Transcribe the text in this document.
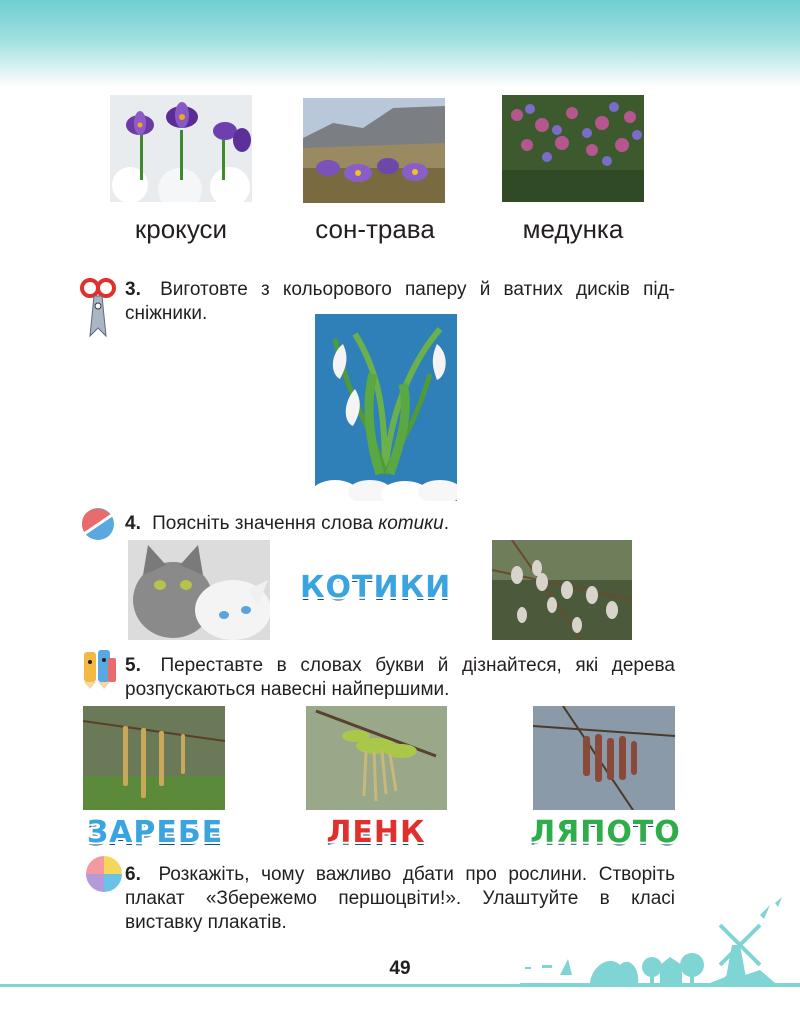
крокуси	сон-трава	медунка
3. Виготовте з кольорового паперу й ватних дисків під-сніжники.
4. Поясніть значення слова котики.
КОТИКИ
5. Переставте в словах букви й дізнайтеся, які дерева розпускаються навесні найпершими.
ЗАРЕБЕ	ЛЕНК	ЛЯПОТО
6. Розкажіть, чому важливо дбати про рослини. Створіть плакат «Збережемо першоцвіти!». Улаштуйте в класі виставку плакатів.
49
